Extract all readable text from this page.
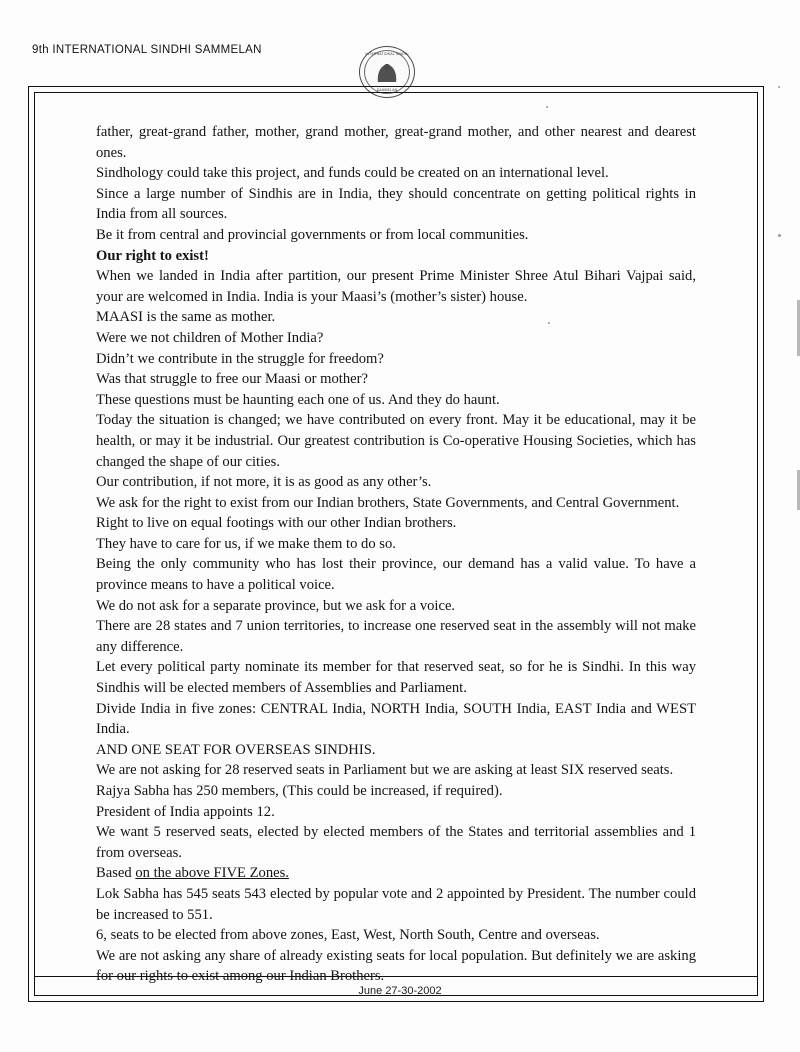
9th INTERNATIONAL SINDHI SAMMELAN	INTERNATIONAL SINDHI
SAMMELAN

father, great-grand father, mother, grand mother, great-grand mother, and other nearest and dearest ones.

Sindhology could take this project, and funds could be created on an international level.

Since a large number of Sindhis are in India, they should concentrate on getting political rights in India from all sources.

Be it from central and provincial governments or from local communities.

Our right to exist!

When we landed in India after partition, our present Prime Minister Shree Atul Bihari Vajpai said, your are welcomed in India. India is your Maasi’s (mother’s sister) house.

MAASI is the same as mother.

Were we not children of Mother India?

Didn’t we contribute in the struggle for freedom?

Was that struggle to free our Maasi or mother?

These questions must be haunting each one of us. And they do haunt.

Today the situation is changed; we have contributed on every front. May it be educational, may it be health, or may it be industrial. Our greatest contribution is Co-operative Housing Societies, which has changed the shape of our cities.

Our contribution, if not more, it is as good as any other’s.

We ask for the right to exist from our Indian brothers, State Governments, and Central Government.

Right to live on equal footings with our other Indian brothers.

They have to care for us, if we make them to do so.

Being the only community who has lost their province, our demand has a valid value. To have a province means to have a political voice.

We do not ask for a separate province, but we ask for a voice.

There are 28 states and 7 union territories, to increase one reserved seat in the assembly will not make any difference.

Let every political party nominate its member for that reserved seat, so for he is Sindhi. In this way Sindhis will be elected members of Assemblies and Parliament.

Divide India in five zones: CENTRAL India, NORTH India, SOUTH India, EAST India and WEST India.

AND ONE SEAT FOR OVERSEAS SINDHIS.

We are not asking for 28 reserved seats in Parliament but we are asking at least SIX reserved seats.

Rajya Sabha has 250 members, (This could be increased, if required).

President of India appoints 12.

We want 5 reserved seats, elected by elected members of the States and territorial assemblies and 1 from overseas.

Based on the above FIVE Zones.

Lok Sabha has 545 seats 543 elected by popular vote and 2 appointed by President. The number could be increased to 551.

6, seats to be elected from above zones, East, West, North South, Centre and overseas.

We are not asking any share of already existing seats for local population. But definitely we are asking for our rights to exist among our Indian Brothers.

June 27-30-2002
